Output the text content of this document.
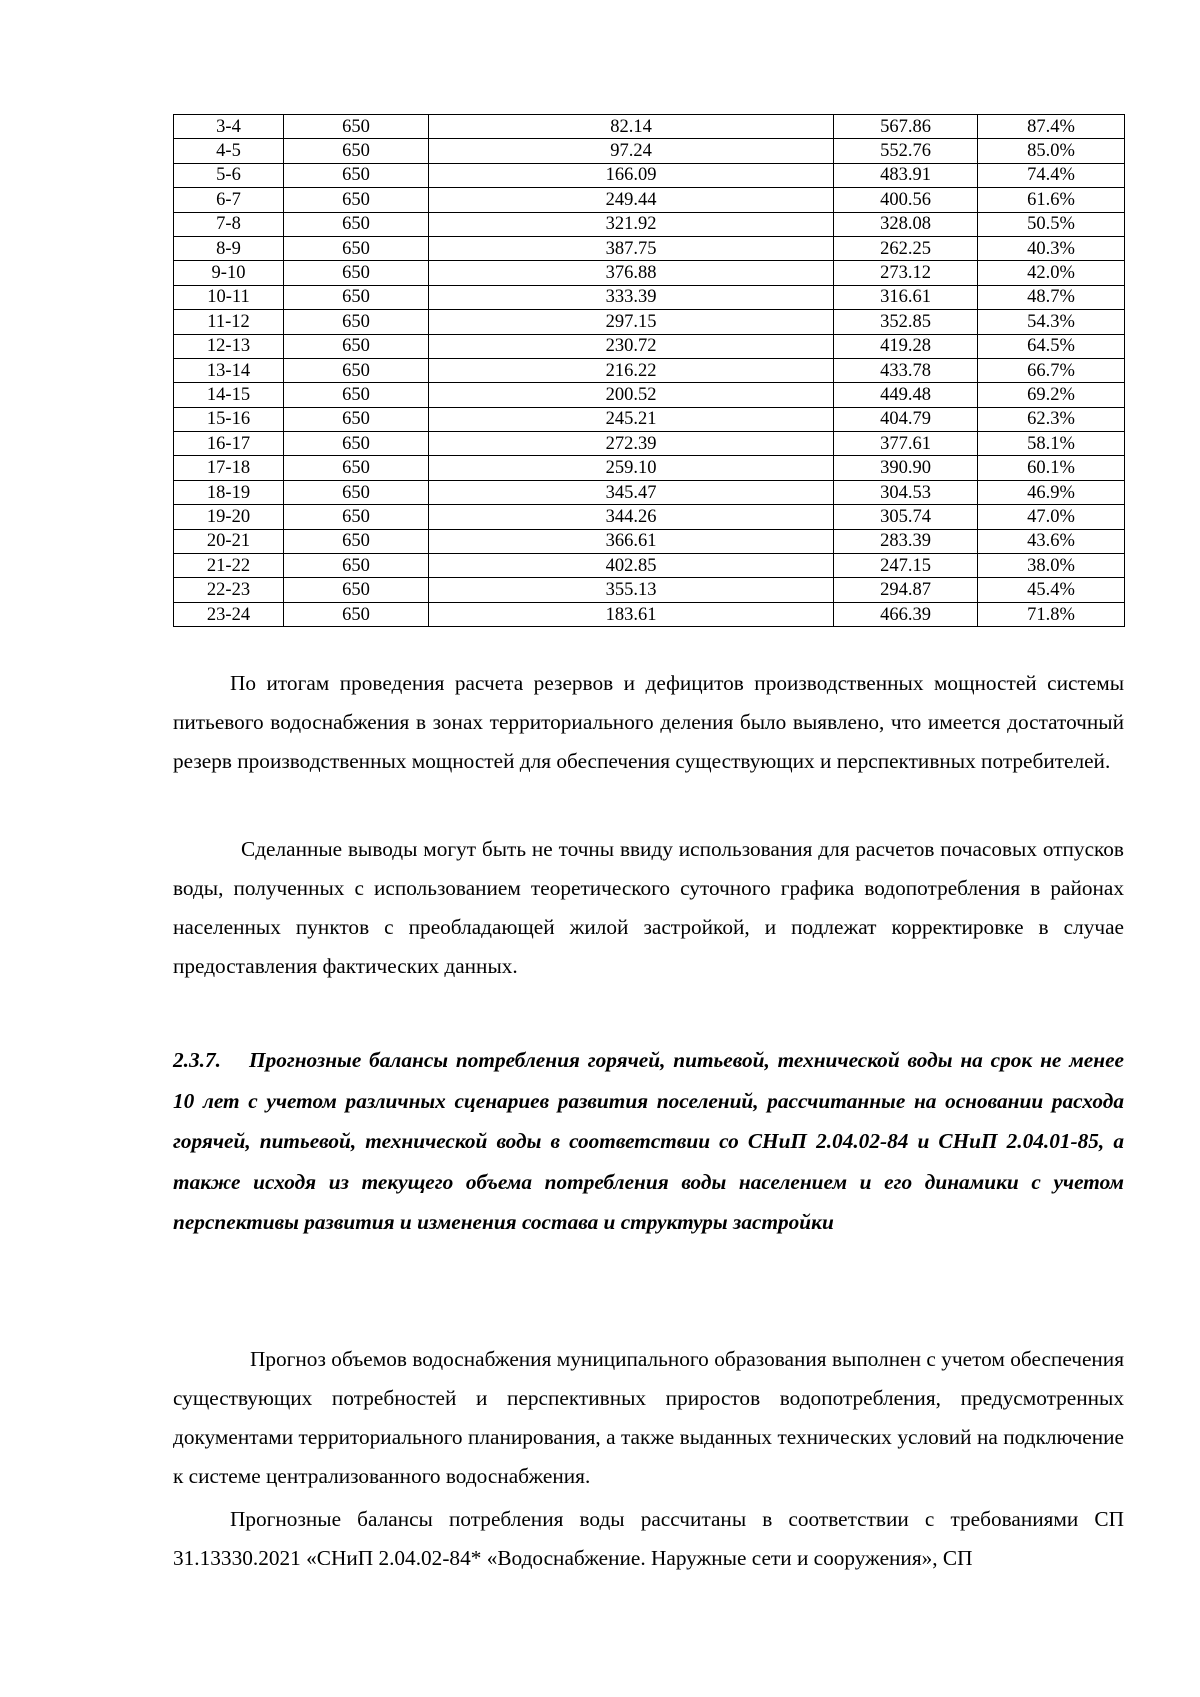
3-4	650	82.14	567.86	87.4%
4-5	650	97.24	552.76	85.0%
5-6	650	166.09	483.91	74.4%
6-7	650	249.44	400.56	61.6%
7-8	650	321.92	328.08	50.5%
8-9	650	387.75	262.25	40.3%
9-10	650	376.88	273.12	42.0%
10-11	650	333.39	316.61	48.7%
11-12	650	297.15	352.85	54.3%
12-13	650	230.72	419.28	64.5%
13-14	650	216.22	433.78	66.7%
14-15	650	200.52	449.48	69.2%
15-16	650	245.21	404.79	62.3%
16-17	650	272.39	377.61	58.1%
17-18	650	259.10	390.90	60.1%
18-19	650	345.47	304.53	46.9%
19-20	650	344.26	305.74	47.0%
20-21	650	366.61	283.39	43.6%
21-22	650	402.85	247.15	38.0%
22-23	650	355.13	294.87	45.4%
23-24	650	183.61	466.39	71.8%

По итогам проведения расчета резервов и дефицитов производственных мощностей системы питьевого водоснабжения в зонах территориального деления было выявлено, что имеется достаточный резерв производственных мощностей для обеспечения существующих и перспективных потребителей.

Сделанные выводы могут быть не точны ввиду использования для расчетов почасовых отпусков воды, полученных с использованием теоретического суточного графика водопотребления в районах населенных пунктов с преобладающей жилой застройкой, и подлежат корректировке в случае предоставления фактических данных.

2.3.7. Прогнозные балансы потребления горячей, питьевой, технической воды на срок не менее 10 лет с учетом различных сценариев развития поселений, рассчитанные на основании расхода горячей, питьевой, технической воды в соответствии со СНиП 2.04.02-84 и СНиП 2.04.01-85, а также исходя из текущего объема потребления воды населением и его динамики с учетом перспективы развития и изменения состава и структуры застройки

Прогноз объемов водоснабжения муниципального образования выполнен с учетом обеспечения существующих потребностей и перспективных приростов водопотребления, предусмотренных документами территориального планирования, а также выданных технических условий на подключение к системе централизованного водоснабжения.

Прогнозные балансы потребления воды рассчитаны в соответствии с требованиями СП 31.13330.2021 «СНиП 2.04.02-84* «Водоснабжение. Наружные сети и сооружения», СП
